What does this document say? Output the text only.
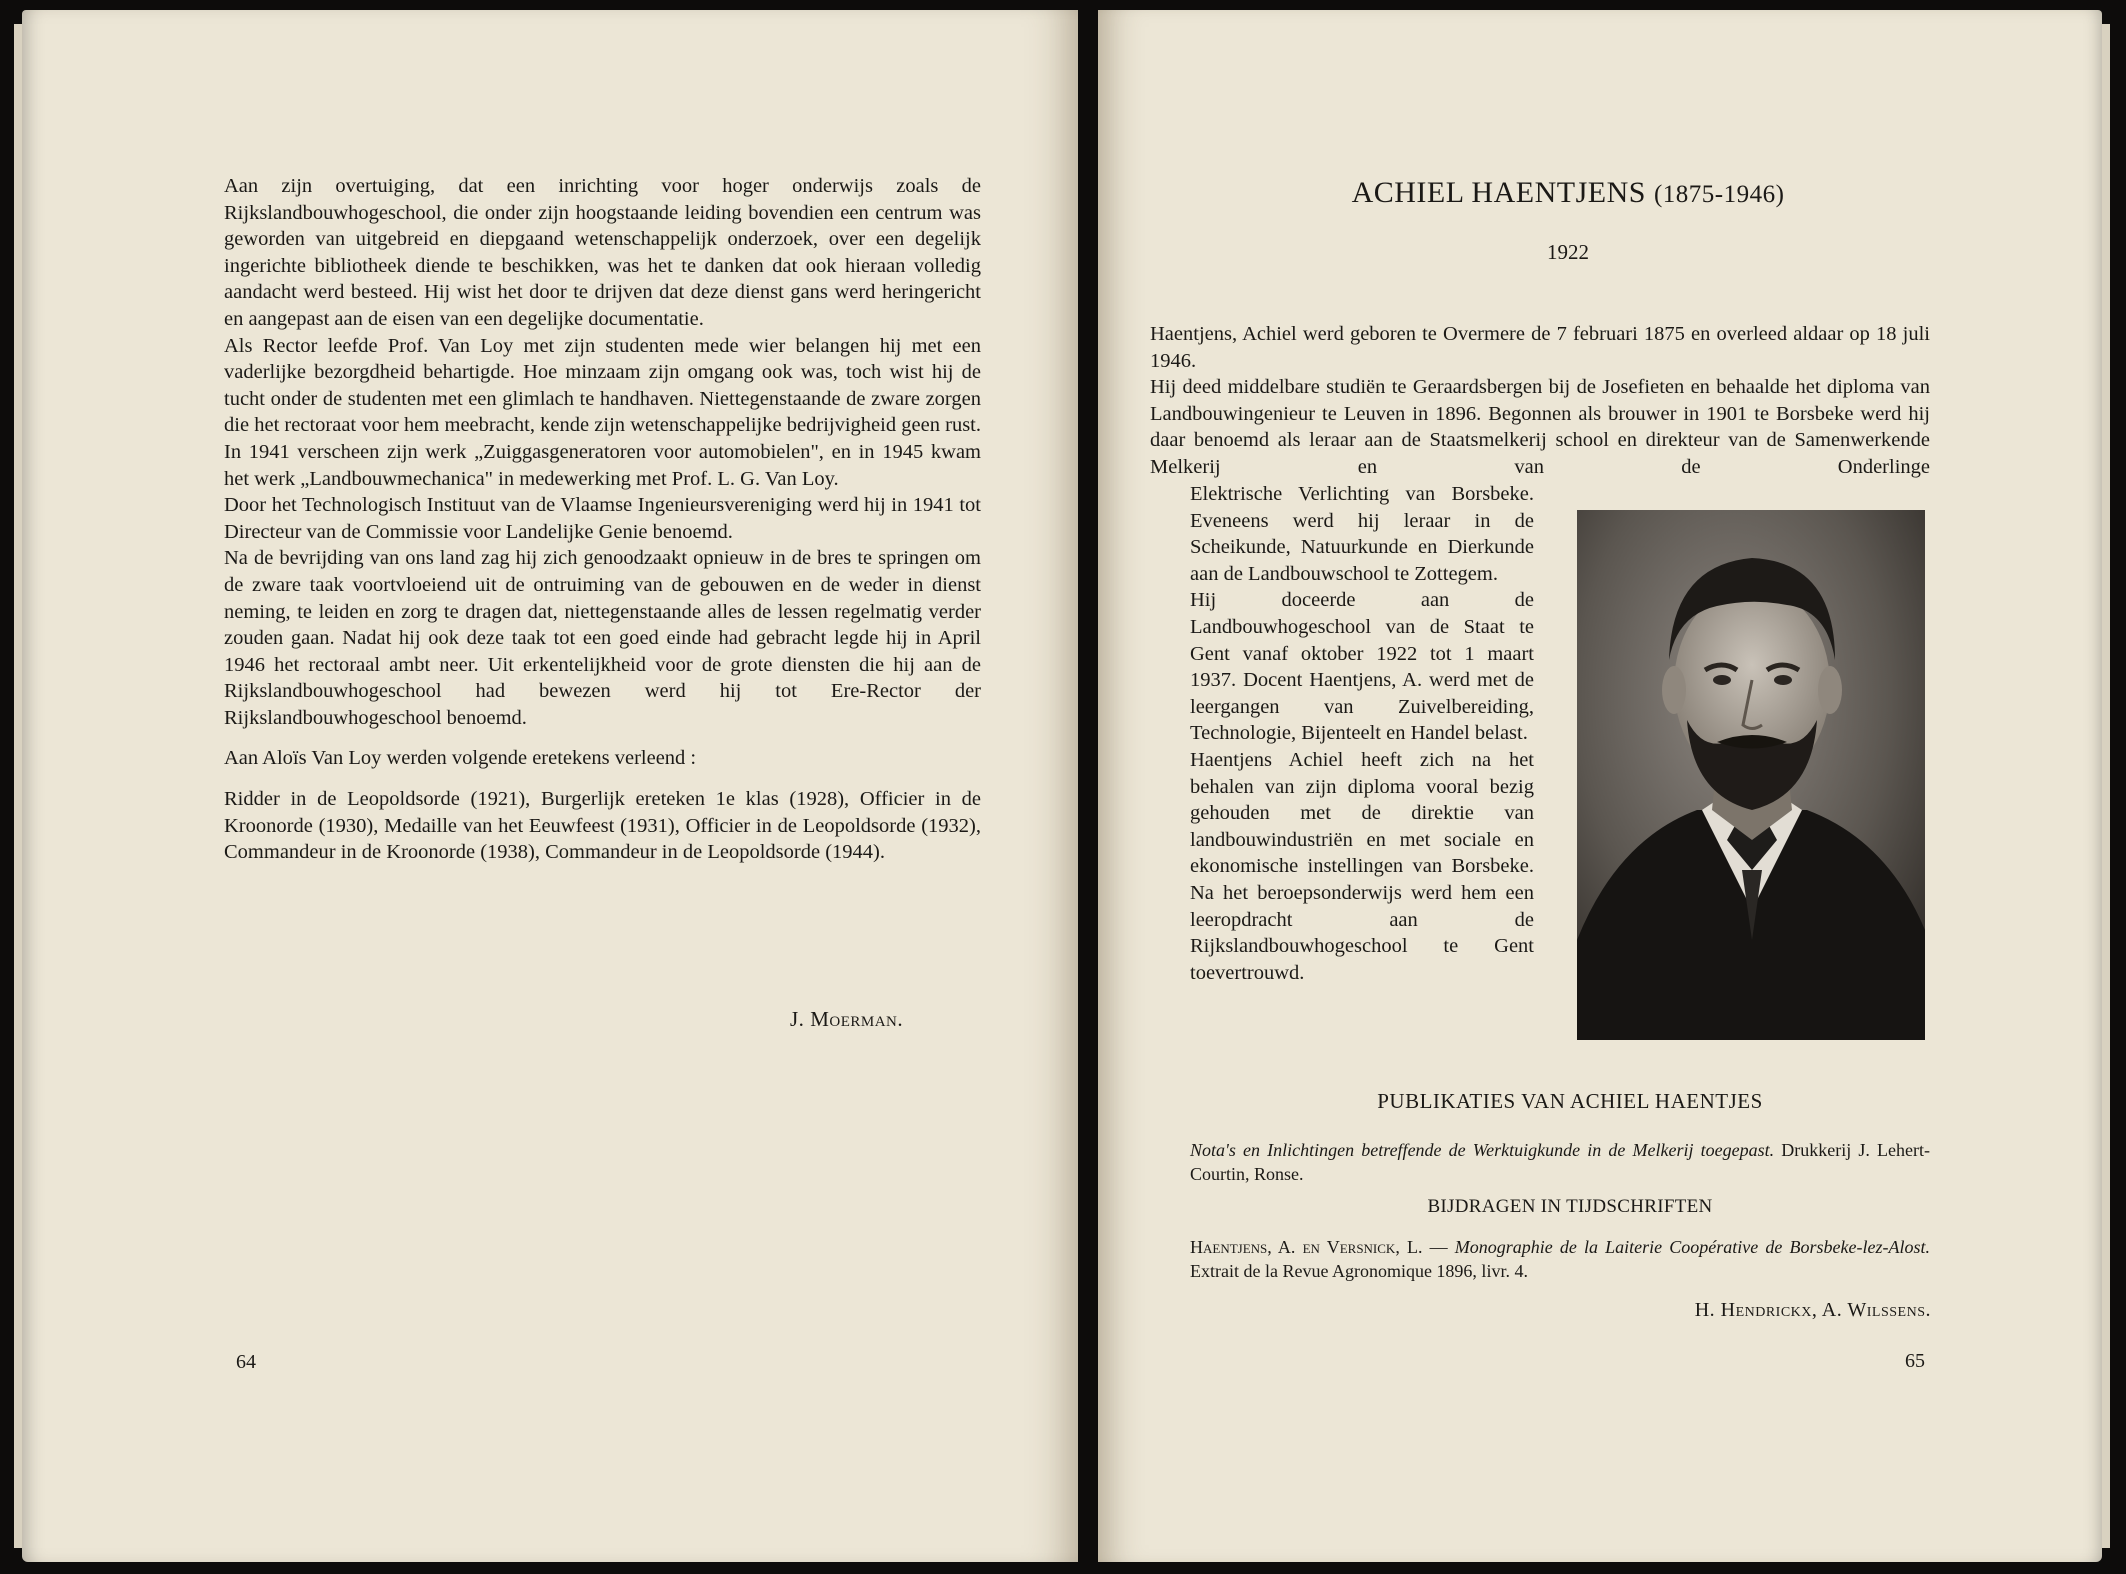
Aan zijn overtuiging, dat een inrichting voor hoger onderwijs zoals de Rijkslandbouwhogeschool, die onder zijn hoogstaande leiding bovendien een centrum was geworden van uitgebreid en diepgaand wetenschappelijk onderzoek, over een degelijk ingerichte bibliotheek diende te beschikken, was het te danken dat ook hieraan volledig aandacht werd besteed. Hij wist het door te drijven dat deze dienst gans werd heringericht en aangepast aan de eisen van een degelijke documentatie.

Als Rector leefde Prof. Van Loy met zijn studenten mede wier belangen hij met een vaderlijke bezorgdheid behartigde. Hoe minzaam zijn omgang ook was, toch wist hij de tucht onder de studenten met een glimlach te handhaven. Niettegenstaande de zware zorgen die het rectoraat voor hem meebracht, kende zijn wetenschappelijke bedrijvigheid geen rust. In 1941 verscheen zijn werk „Zuiggasgeneratoren voor automobielen", en in 1945 kwam het werk „Landbouwmechanica" in medewerking met Prof. L. G. Van Loy.

Door het Technologisch Instituut van de Vlaamse Ingenieursvereniging werd hij in 1941 tot Directeur van de Commissie voor Landelijke Genie benoemd.

Na de bevrijding van ons land zag hij zich genoodzaakt opnieuw in de bres te springen om de zware taak voortvloeiend uit de ontruiming van de gebouwen en de weder in dienst neming, te leiden en zorg te dragen dat, niettegenstaande alles de lessen regelmatig verder zouden gaan. Nadat hij ook deze taak tot een goed einde had gebracht legde hij in April 1946 het rectoraal ambt neer. Uit erkentelijkheid voor de grote diensten die hij aan de Rijkslandbouwhogeschool had bewezen werd hij tot Ere-Rector der Rijkslandbouwhogeschool benoemd.

Aan Aloïs Van Loy werden volgende eretekens verleend :

Ridder in de Leopoldsorde (1921), Burgerlijk ereteken 1e klas (1928), Officier in de Kroonorde (1930), Medaille van het Eeuwfeest (1931), Officier in de Leopoldsorde (1932), Commandeur in de Kroonorde (1938), Commandeur in de Leopoldsorde (1944).

J. Moerman.
64
ACHIEL HAENTJENS (1875-1946)
1922

Haentjens, Achiel werd geboren te Overmere de 7 februari 1875 en overleed aldaar op 18 juli 1946.

Hij deed middelbare studiën te Geraardsbergen bij de Josefieten en behaalde het diploma van Landbouwingenieur te Leuven in 1896. Begonnen als brouwer in 1901 te Borsbeke werd hij daar benoemd als leraar aan de Staatsmelkerij school en direkteur van de Samenwerkende Melkerij en van de Onderlinge

Elektrische Verlichting van Borsbeke. Eveneens werd hij leraar in de Scheikunde, Natuurkunde en Dierkunde aan de Landbouwschool te Zottegem.

Hij doceerde aan de Landbouwhogeschool van de Staat te Gent vanaf oktober 1922 tot 1 maart 1937. Docent Haentjens, A. werd met de leergangen van Zuivelbereiding, Technologie, Bijenteelt en Handel belast.

Haentjens Achiel heeft zich na het behalen van zijn diploma vooral bezig gehouden met de direktie van landbouwindustriën en met sociale en ekonomische instellingen van Borsbeke. Na het beroepsonderwijs werd hem een leeropdracht aan de Rijkslandbouwhogeschool te Gent toevertrouwd.

PUBLIKATIES VAN ACHIEL HAENTJES
Nota's en Inlichtingen betreffende de Werktuigkunde in de Melkerij toegepast. Drukkerij J. Lehert-Courtin, Ronse.
BIJDRAGEN IN TIJDSCHRIFTEN
Haentjens, A. en Versnick, L. — Monographie de la Laiterie Coopérative de Borsbeke-lez-Alost. Extrait de la Revue Agronomique 1896, livr. 4.
H. Hendrickx, A. Wilssens.
65
